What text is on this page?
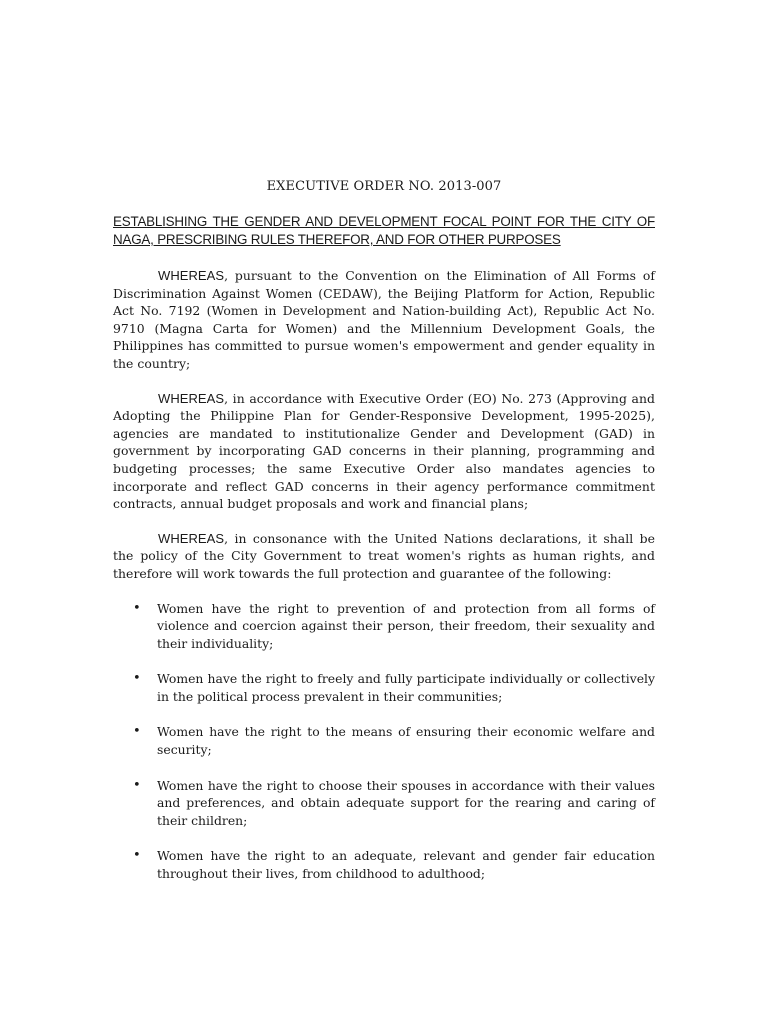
EXECUTIVE ORDER NO. 2013-007
ESTABLISHING THE GENDER AND DEVELOPMENT FOCAL POINT FOR THE CITY OF NAGA, PRESCRIBING RULES THEREFOR, AND FOR OTHER PURPOSES

WHEREAS, pursuant to the Convention on the Elimination of All Forms of Discrimination Against Women (CEDAW), the Beijing Platform for Action, Republic Act No. 7192 (Women in Development and Nation-building Act), Republic Act No. 9710 (Magna Carta for Women) and the Millennium Development Goals, the Philippines has committed to pursue women's empowerment and gender equality in the country;

WHEREAS, in accordance with Executive Order (EO) No. 273 (Approving and Adopting the Philippine Plan for Gender-Responsive Development, 1995-2025), agencies are mandated to institutionalize Gender and Development (GAD) in government by incorporating GAD concerns in their planning, programming and budgeting processes; the same Executive Order also mandates agencies to incorporate and reflect GAD concerns in their agency performance commitment contracts, annual budget proposals and work and financial plans;

WHEREAS, in consonance with the United Nations declarations, it shall be the policy of the City Government to treat women's rights as human rights, and therefore will work towards the full protection and guarantee of the following:

• Women have the right to prevention of and protection from all forms of violence and coercion against their person, their freedom, their sexuality and their individuality;
• Women have the right to freely and fully participate individually or collectively in the political process prevalent in their communities;
• Women have the right to the means of ensuring their economic welfare and security;
• Women have the right to choose their spouses in accordance with their values and preferences, and obtain adequate support for the rearing and caring of their children;
• Women have the right to an adequate, relevant and gender fair education throughout their lives, from childhood to adulthood;
